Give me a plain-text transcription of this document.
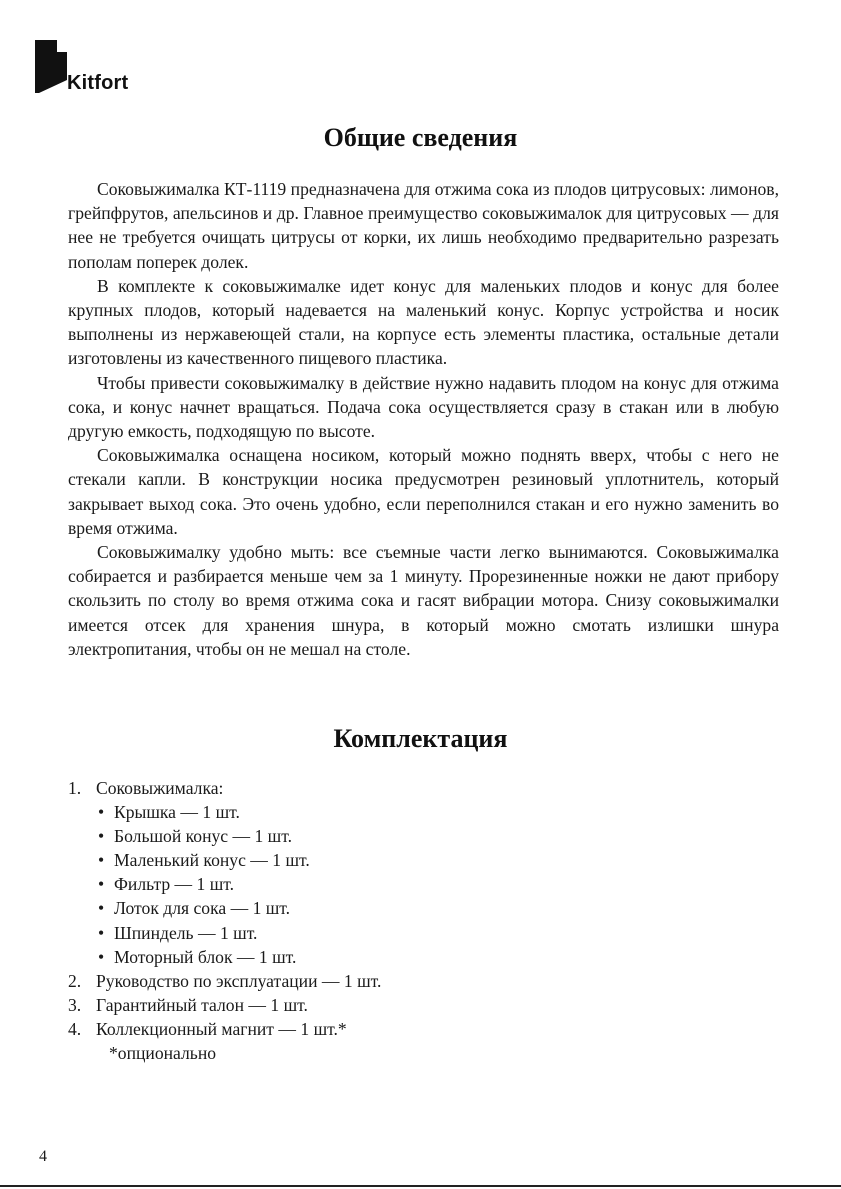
Kitfort
Общие сведения

Соковыжималка КТ-1119 предназначена для отжима сока из плодов цитрусовых: лимонов, грейпфрутов, апельсинов и др. Главное преимущество соковыжималок для цитрусовых — для нее не требуется очищать цитрусы от корки, их лишь необходимо предварительно разрезать пополам поперек долек.

В комплекте к соковыжималке идет конус для маленьких плодов и конус для более крупных плодов, который надевается на маленький конус. Корпус устройства и носик выполнены из нержавеющей стали, на корпусе есть элементы пластика, остальные детали изготовлены из качественного пищевого пластика.

Чтобы привести соковыжималку в действие нужно надавить плодом на конус для отжима сока, и конус начнет вращаться. Подача сока осуществляется сразу в стакан или в любую другую емкость, подходящую по высоте.

Соковыжималка оснащена носиком, который можно поднять вверх, чтобы с него не стекали капли. В конструкции носика предусмотрен резиновый уплотнитель, который закрывает выход сока. Это очень удобно, если переполнился стакан и его нужно заменить во время отжима.

Соковыжималку удобно мыть: все съемные части легко вынимаются. Соковыжималка собирается и разбирается меньше чем за 1 минуту. Прорезиненные ножки не дают прибору скользить по столу во время отжима сока и гасят вибрации мотора. Снизу соковыжималки имеется отсек для хранения шнура, в который можно смотать излишки шнура электропитания, чтобы он не мешал на столе.

Комплектация
1. Соковыжималка:
• Крышка — 1 шт.
• Большой конус — 1 шт.
• Маленький конус — 1 шт.
• Фильтр — 1 шт.
• Лоток для сока — 1 шт.
• Шпиндель — 1 шт.
• Моторный блок — 1 шт.
2. Руководство по эксплуатации — 1 шт.
3. Гарантийный талон — 1 шт.
4. Коллекционный магнит — 1 шт.*
*опционально
4
